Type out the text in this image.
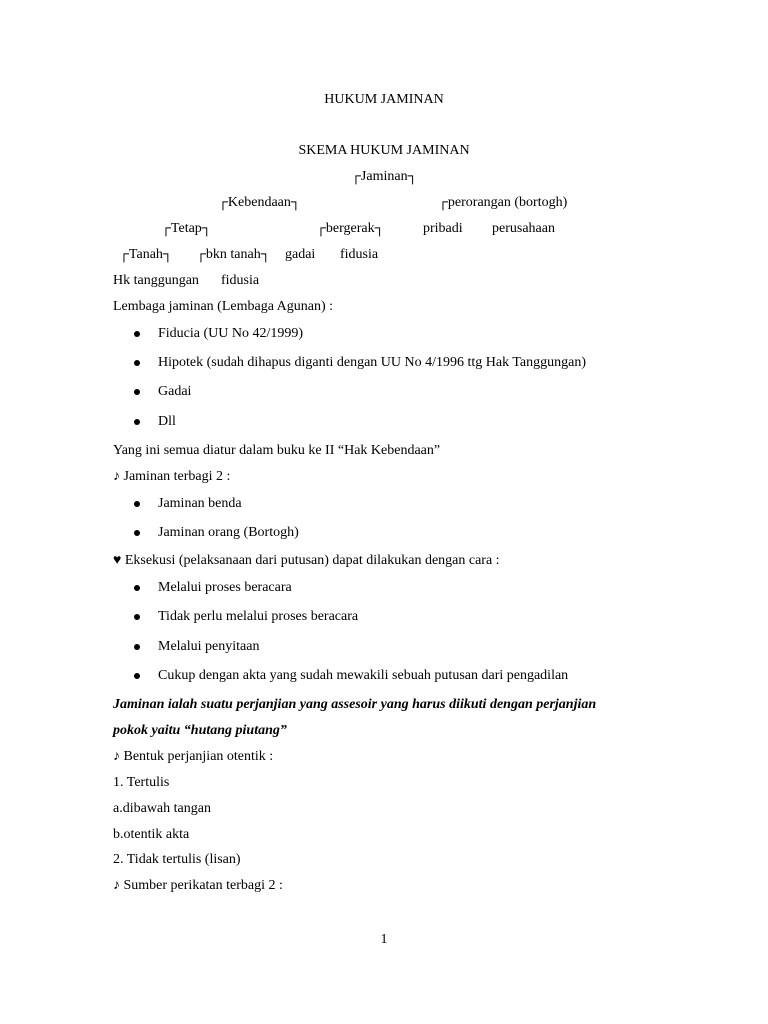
HUKUM JAMINAN
SKEMA HUKUM JAMINAN
┌Jaminan┐
┌Kebendaan┐	┌perorangan (bortogh)
┌Tetap┐	┌bergerak┐	pribadi perusahaan
┌Tanah┐ ┌bkn tanah┐ gadai fidusia
Hk tanggungan fidusia
Lembaga jaminan (Lembaga Agunan) :
Fiducia (UU No 42/1999)
Hipotek (sudah dihapus diganti dengan UU No 4/1996 ttg Hak Tanggungan)
Gadai
Dll
Yang ini semua diatur dalam buku ke II “Hak Kebendaan”
♪ Jaminan terbagi 2 :
Jaminan benda
Jaminan orang (Bortogh)
♥ Eksekusi (pelaksanaan dari putusan) dapat dilakukan dengan cara :
Melalui proses beracara
Tidak perlu melalui proses beracara
Melalui penyitaan
Cukup dengan akta yang sudah mewakili sebuah putusan dari pengadilan
Jaminan ialah suatu perjanjian yang assesoir yang harus diikuti dengan perjanjian
pokok yaitu “hutang piutang”
♪ Bentuk perjanjian otentik :
1. Tertulis
a.dibawah tangan
b.otentik akta
2. Tidak tertulis (lisan)
♪ Sumber perikatan terbagi 2 :
1
